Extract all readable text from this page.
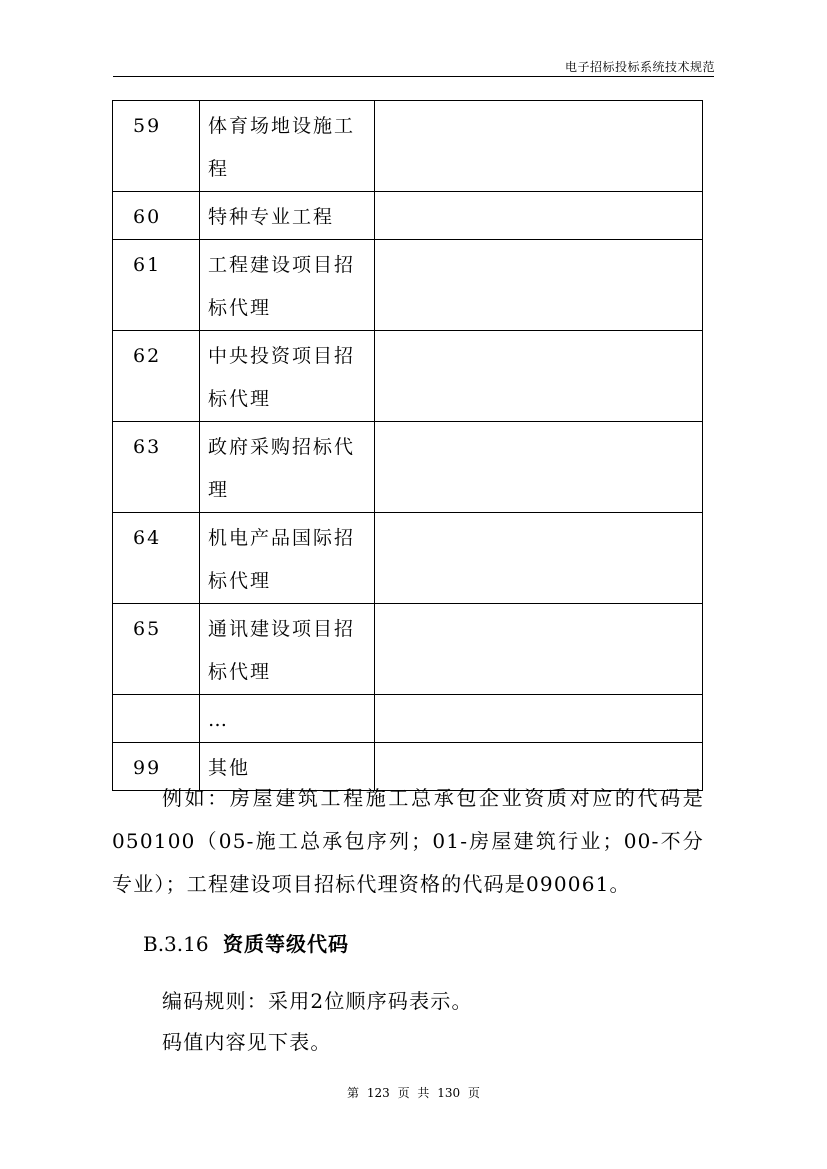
电子招标投标系统技术规范
59	体育场地设施工程	
60	特种专业工程	
61	工程建设项目招标代理	
62	中央投资项目招标代理	
63	政府采购招标代理	
64	机电产品国际招标代理	
65	通讯建设项目招标代理	
	…	
99	其他	
例如：房屋建筑工程施工总承包企业资质对应的代码是050100（05-施工总承包序列；01-房屋建筑行业；00-不分专业）；工程建设项目招标代理资格的代码是090061。
B.3.16 资质等级代码
编码规则：采用2位顺序码表示。
码值内容见下表。
第 123 页 共 130 页
